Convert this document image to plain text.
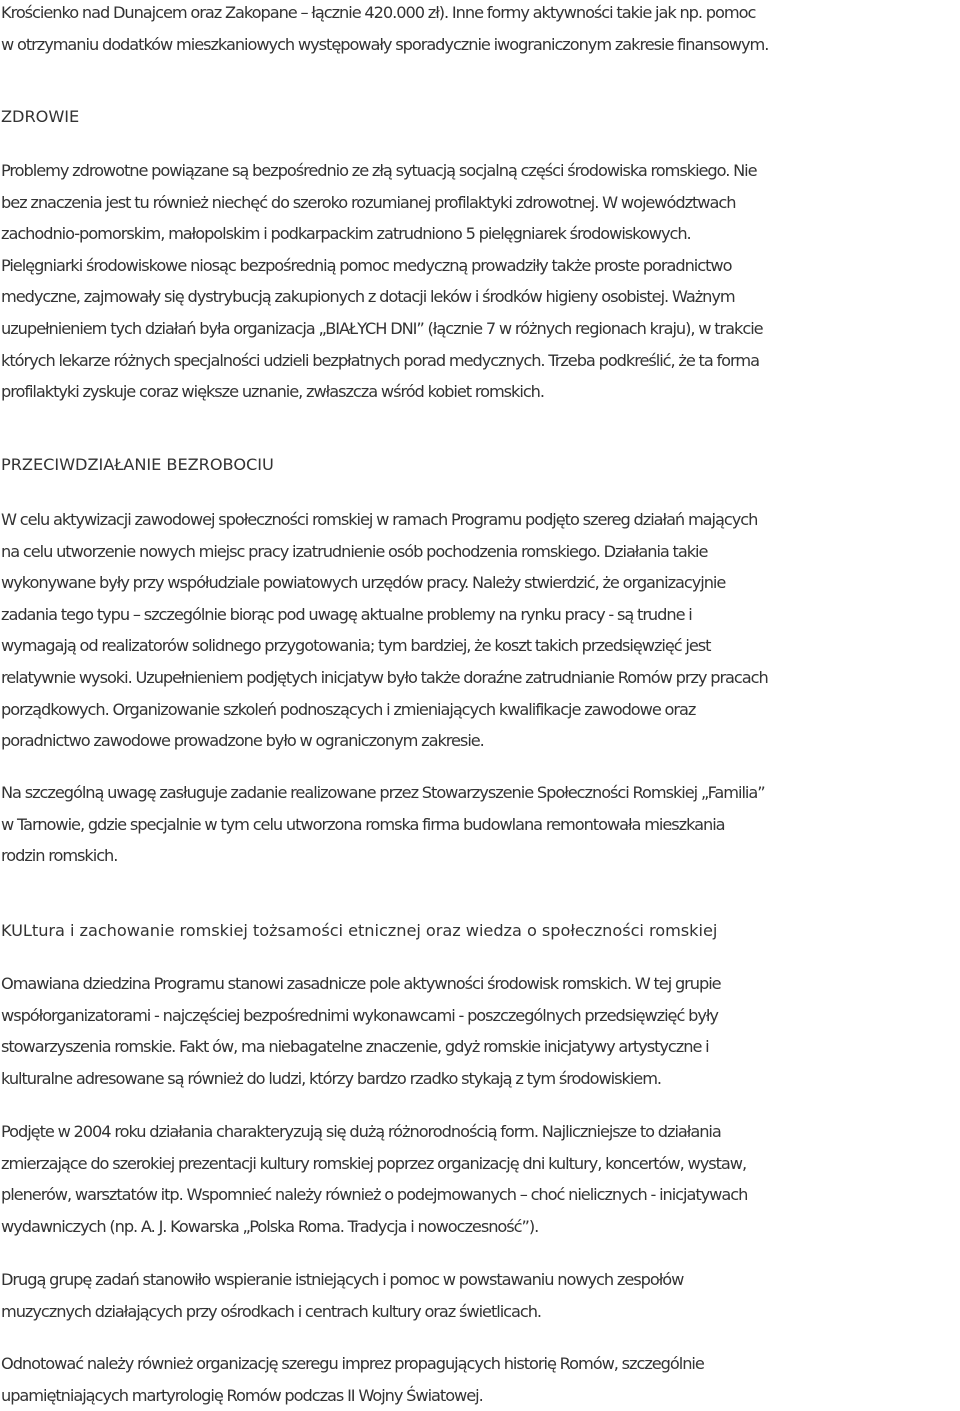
Krościenko nad Dunajcem oraz Zakopane – łącznie 420.000 zł). Inne formy aktywności takie jak np. pomoc
w otrzymaniu dodatków mieszkaniowych występowały sporadycznie iwograniczonym zakresie finansowym.

ZDROWIE

Problemy zdrowotne powiązane są bezpośrednio ze złą sytuacją socjalną części środowiska romskiego. Nie
bez znaczenia jest tu również niechęć do szeroko rozumianej profilaktyki zdrowotnej. W województwach
zachodnio-pomorskim, małopolskim i podkarpackim zatrudniono 5 pielęgniarek środowiskowych.
Pielęgniarki środowiskowe niosąc bezpośrednią pomoc medyczną prowadziły także proste poradnictwo
medyczne, zajmowały się dystrybucją zakupionych z dotacji leków i środków higieny osobistej. Ważnym
uzupełnieniem tych działań była organizacja „BIAŁYCH DNI” (łącznie 7 w różnych regionach kraju), w trakcie
których lekarze różnych specjalności udzieli bezpłatnych porad medycznych. Trzeba podkreślić, że ta forma
profilaktyki zyskuje coraz większe uznanie, zwłaszcza wśród kobiet romskich.

PRZECIWDZIAŁANIE BEZROBOCIU

W celu aktywizacji zawodowej społeczności romskiej w ramach Programu podjęto szereg działań mających
na celu utworzenie nowych miejsc pracy izatrudnienie osób pochodzenia romskiego. Działania takie
wykonywane były przy współudziale powiatowych urzędów pracy. Należy stwierdzić, że organizacyjnie
zadania tego typu – szczególnie biorąc pod uwagę aktualne problemy na rynku pracy - są trudne i
wymagają od realizatorów solidnego przygotowania; tym bardziej, że koszt takich przedsięwzięć jest
relatywnie wysoki. Uzupełnieniem podjętych inicjatyw było także doraźne zatrudnianie Romów przy pracach
porządkowych. Organizowanie szkoleń podnoszących i zmieniających kwalifikacje zawodowe oraz
poradnictwo zawodowe prowadzone było w ograniczonym zakresie.

Na szczególną uwagę zasługuje zadanie realizowane przez Stowarzyszenie Społeczności Romskiej „Familia”
w Tarnowie, gdzie specjalnie w tym celu utworzona romska firma budowlana remontowała mieszkania
rodzin romskich.

KULtura i zachowanie romskiej tożsamości etnicznej oraz wiedza o społeczności romskiej

Omawiana dziedzina Programu stanowi zasadnicze pole aktywności środowisk romskich. W tej grupie
współorganizatorami - najczęściej bezpośrednimi wykonawcami - poszczególnych przedsięwzięć były
stowarzyszenia romskie. Fakt ów, ma niebagatelne znaczenie, gdyż romskie inicjatywy artystyczne i
kulturalne adresowane są również do ludzi, którzy bardzo rzadko stykają z tym środowiskiem.

Podjęte w 2004 roku działania charakteryzują się dużą różnorodnością form. Najliczniejsze to działania
zmierzające do szerokiej prezentacji kultury romskiej poprzez organizację dni kultury, koncertów, wystaw,
plenerów, warsztatów itp. Wspomnieć należy również o podejmowanych – choć nielicznych - inicjatywach
wydawniczych (np. A. J. Kowarska „Polska Roma. Tradycja i nowoczesność”).

Drugą grupę zadań stanowiło wspieranie istniejących i pomoc w powstawaniu nowych zespołów
muzycznych działających przy ośrodkach i centrach kultury oraz świetlicach.

Odnotować należy również organizację szeregu imprez propagujących historię Romów, szczególnie
upamiętniających martyrologię Romów podczas II Wojny Światowej.
